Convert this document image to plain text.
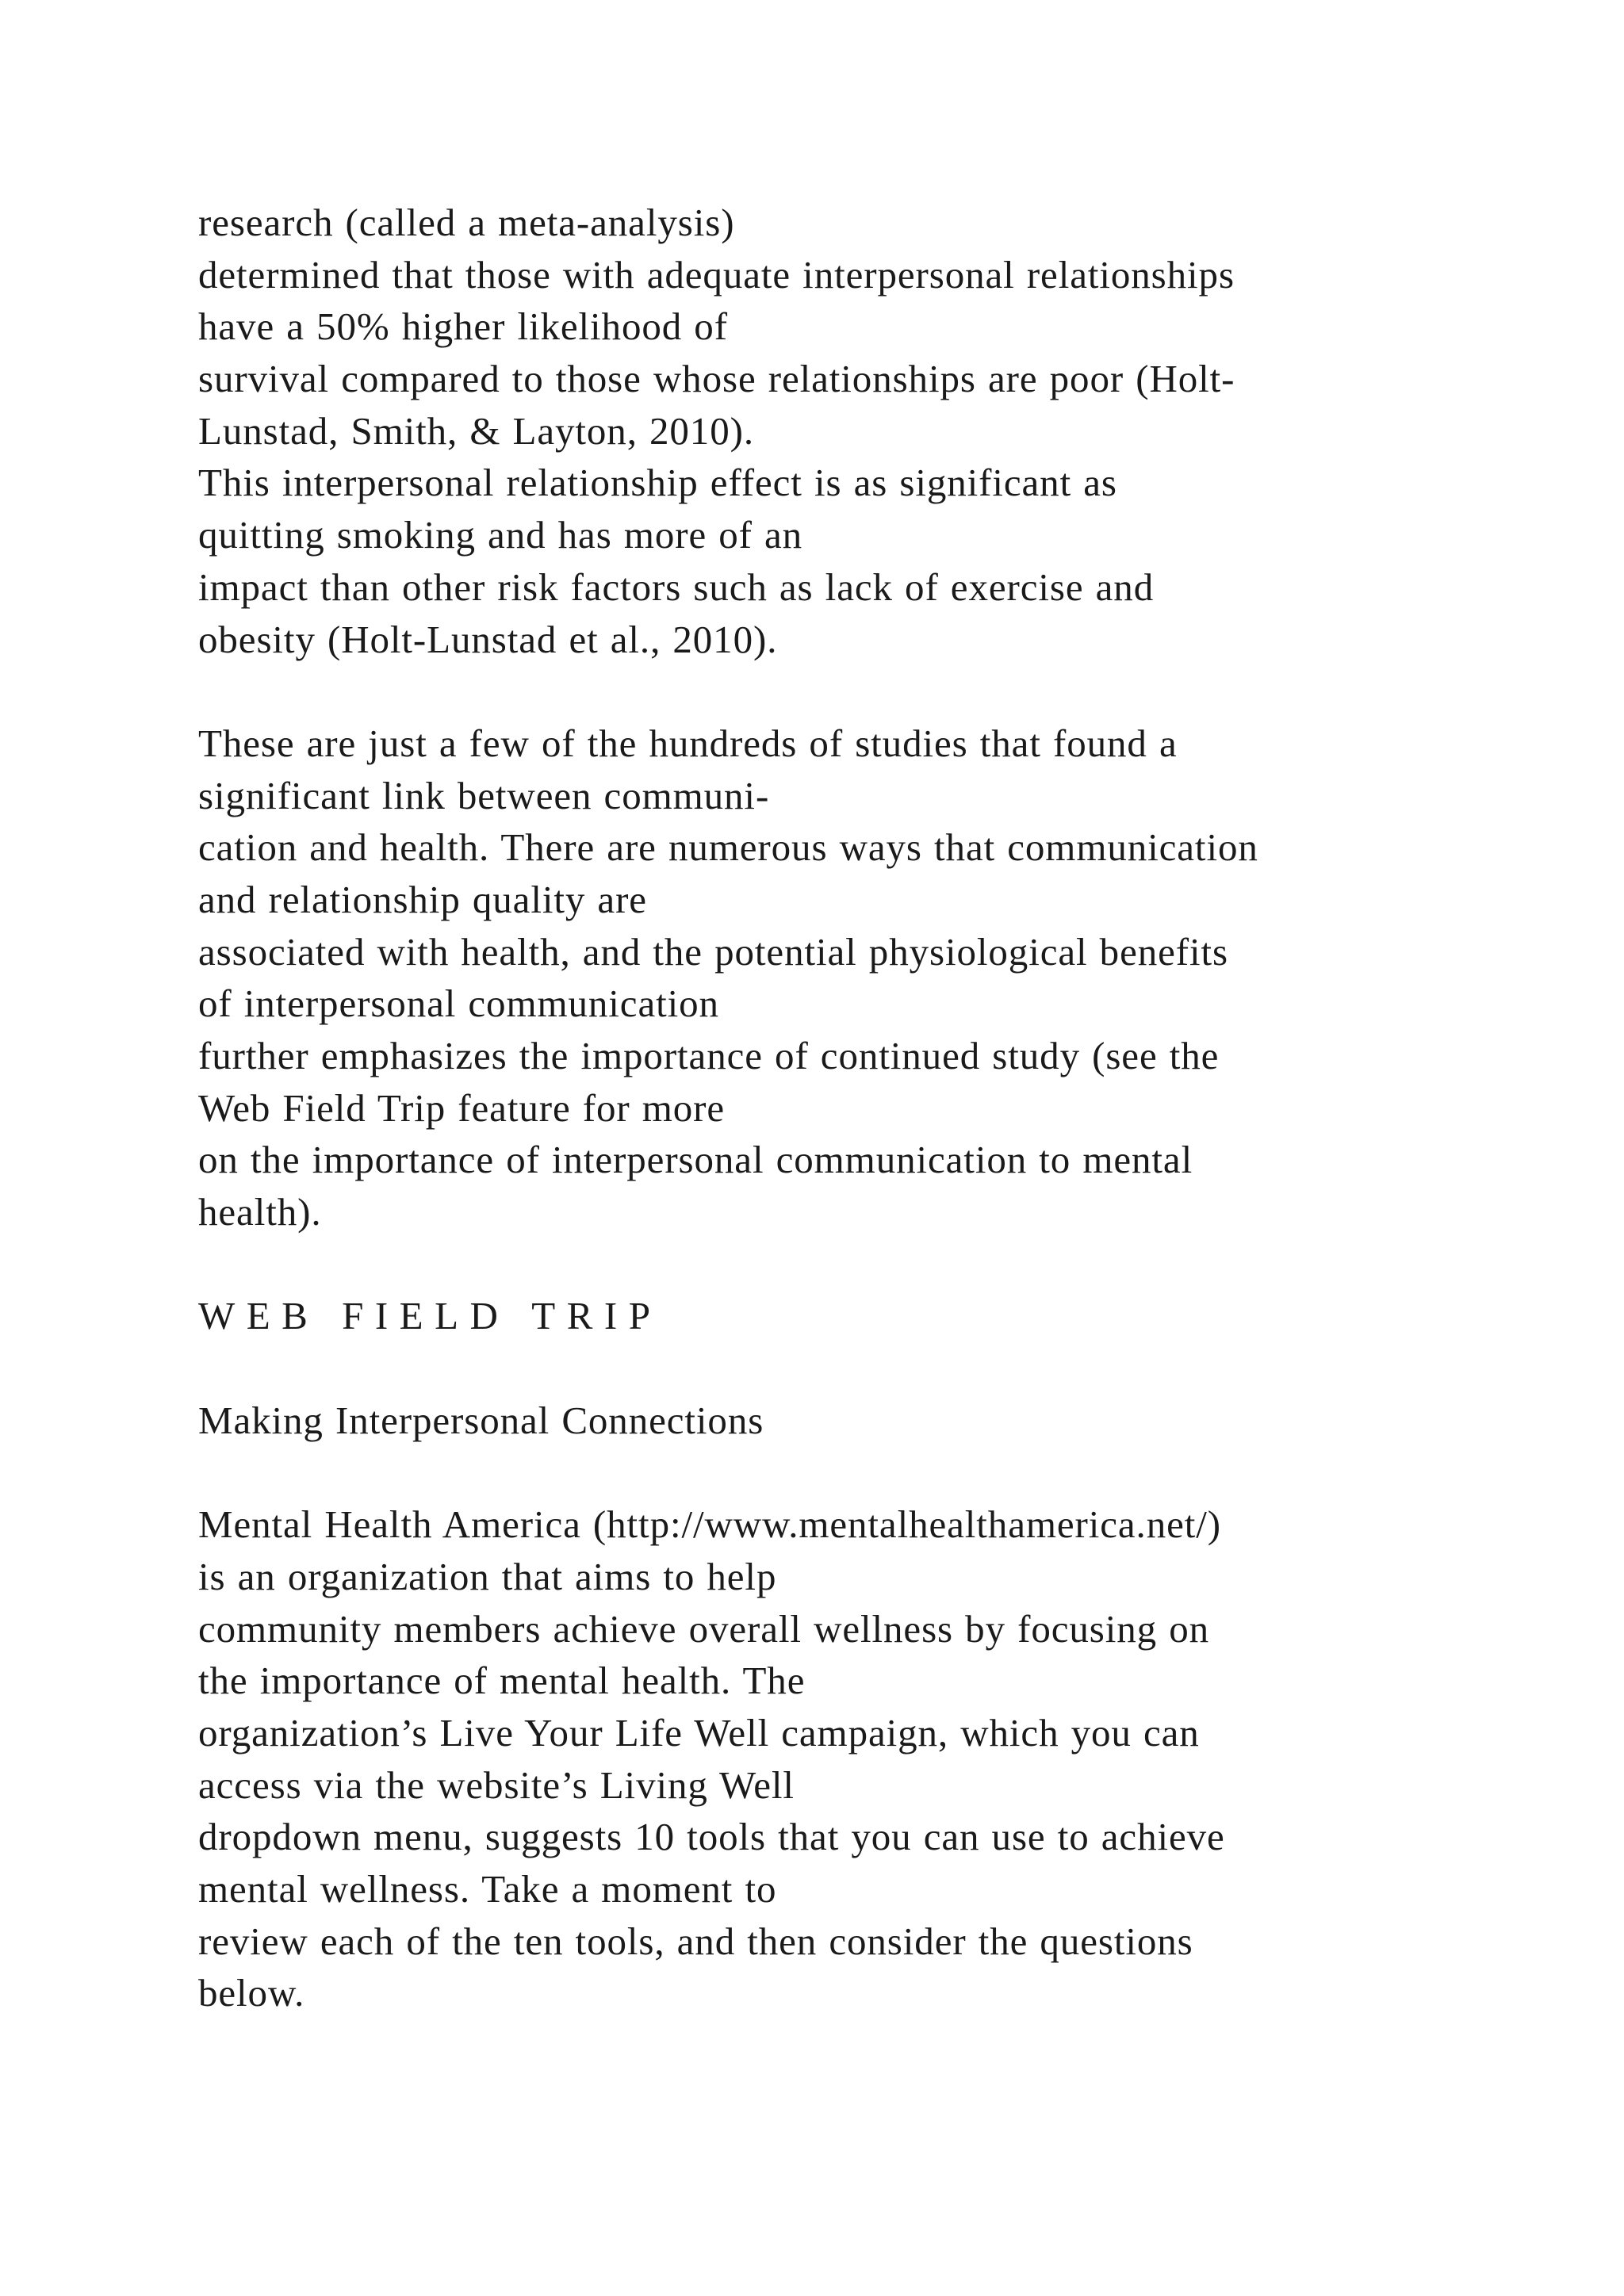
research (called a meta-analysis)
determined that those with adequate interpersonal relationships
have a 50% higher likelihood of
survival compared to those whose relationships are poor (Holt-
Lunstad, Smith, & Layton, 2010).
This interpersonal relationship effect is as significant as
quitting smoking and has more of an
impact than other risk factors such as lack of exercise and
obesity (Holt-Lunstad et al., 2010).
These are just a few of the hundreds of studies that found a
significant link between communi-
cation and health. There are numerous ways that communication
and relationship quality are
associated with health, and the potential physiological benefits
of interpersonal communication
further emphasizes the importance of continued study (see the
Web Field Trip feature for more
on the importance of interpersonal communication to mental
health).
WEB FIELD TRIP
Making Interpersonal Connections
Mental Health America (http://www.mentalhealthamerica.net/)
is an organization that aims to help
community members achieve overall wellness by focusing on
the importance of mental health. The
organization’s Live Your Life Well campaign, which you can
access via the website’s Living Well
dropdown menu, suggests 10 tools that you can use to achieve
mental wellness. Take a moment to
review each of the ten tools, and then consider the questions
below.
